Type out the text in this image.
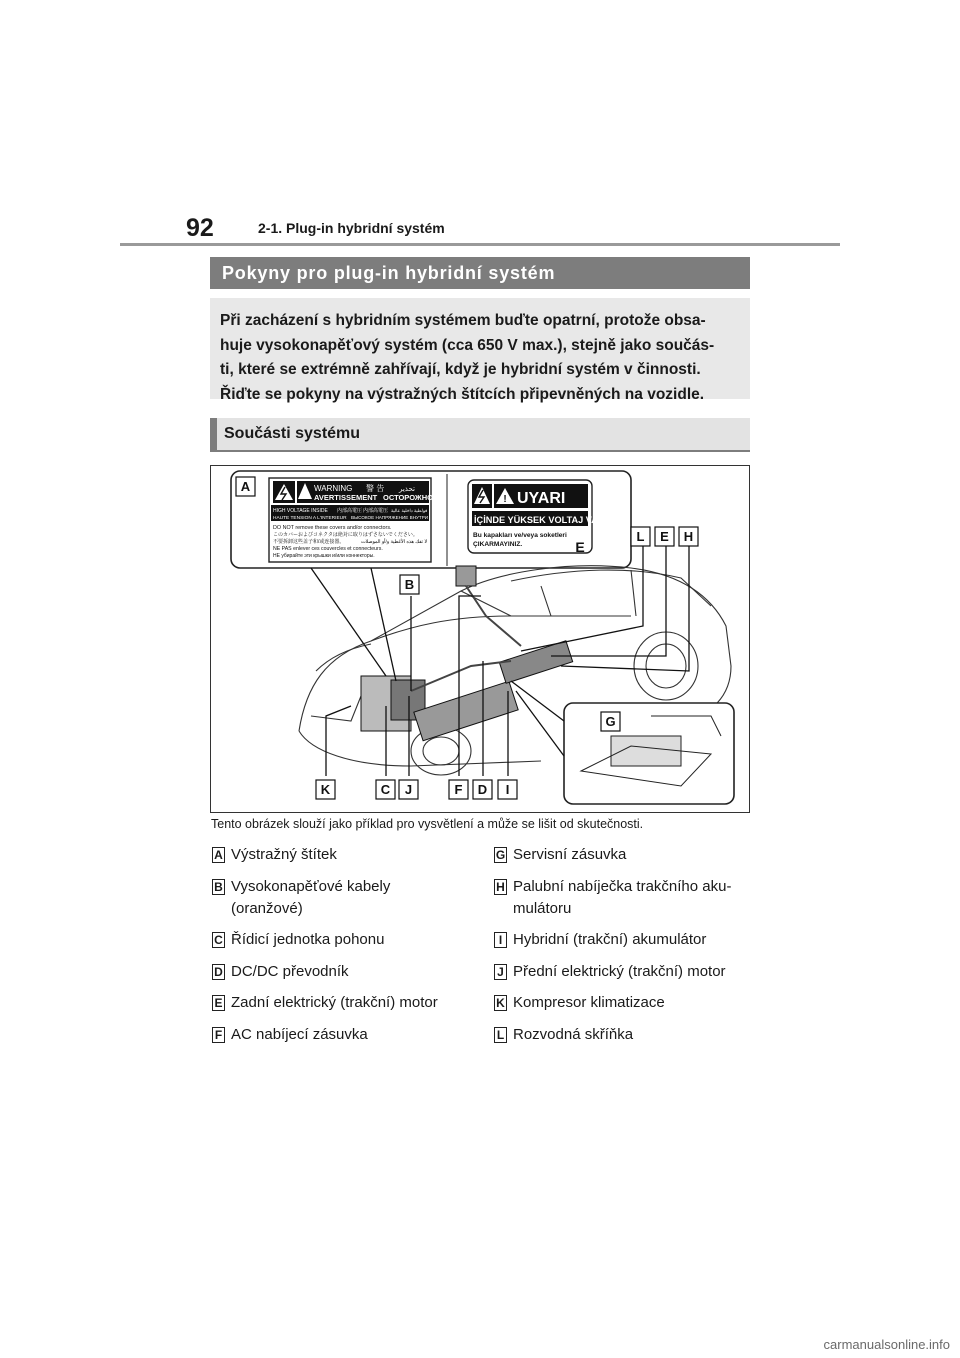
92	2-1. Plug-in hybridní systém
Pokyny pro plug-in hybridní systém
Při zacházení s hybridním systémem buďte opatrní, protože obsa-
huje vysokonapěťový systém (cca 650 V max.), stejně jako součás-
ti, které se extrémně zahřívají, když je hybridní systém v činnosti.
Řiďte se pokyny na výstražných štítcích připevněných na vozidle.
Součásti systému
WARNING 警 告 تحذير
AVERTISSEMENT ОСТОРОЖНО
HIGH VOLTAGE INSIDE 内部高電圧 内部高電压 فولطية داخلية عالية
HAUTE TENSION A L'INTERIEUR ВЫСОКОЕ НАПРЯЖЕНИЕ ВНУТРИ
DO NOT remove these covers and/or connectors.
このカバーおよびコネクタは絶対に取りはずさないでください。
不要拆卸这些盖子和/或连接器。	لا تفك هذه الأغطية و/أو الموصلات
NE PAS enlever ces couvercles et connecteurs.
НЕ убирайте эти крышки и/или коннекторы.
! UYARI
İÇİNDE YÜKSEK VOLTAJ VAR
Bu kapakları ve/veya soketleri
ÇIKARMAYINIZ.
A
B
L E H
E
G
K	C J	F D I
Tento obrázek slouží jako příklad pro vysvětlení a může se lišit od skutečnosti.
A Výstražný štítek
B Vysokonapěťové kabely
(oranžové)
C Řídicí jednotka pohonu
D DC/DC převodník
E Zadní elektrický (trakční) motor
F AC nabíjecí zásuvka
G Servisní zásuvka
H Palubní nabíječka trakčního aku-
mulátoru
I Hybridní (trakční) akumulátor
J Přední elektrický (trakční) motor
K Kompresor klimatizace
L Rozvodná skříňka
carmanualsonline.info
